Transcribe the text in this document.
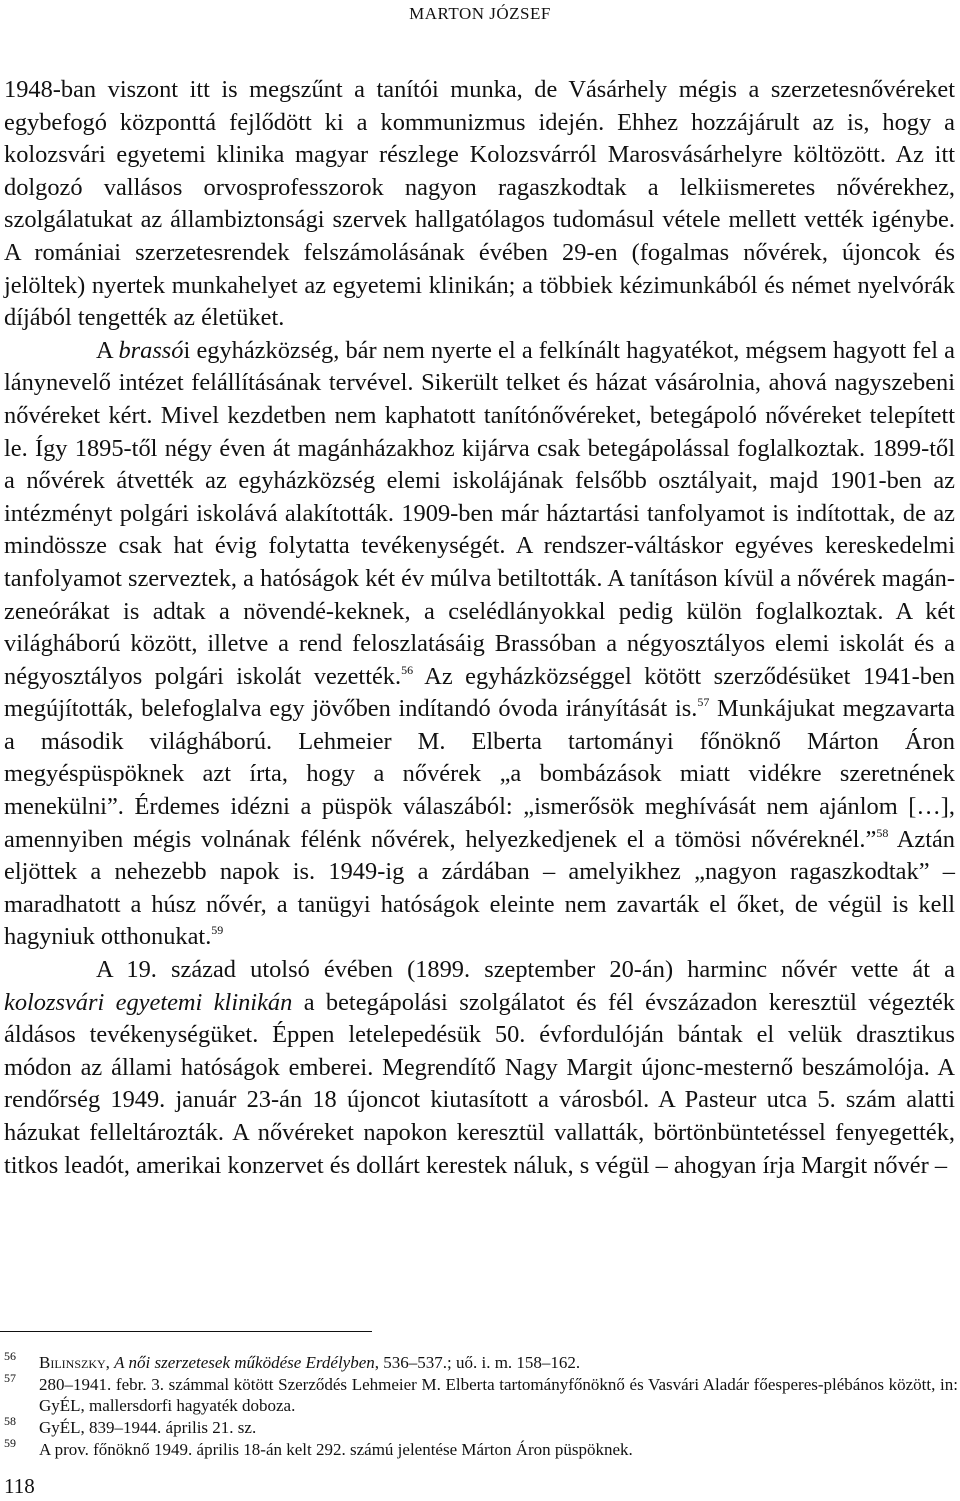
MARTON JÓZSEF

1948-ban viszont itt is megszűnt a tanítói munka, de Vásárhely mégis a szerzetesnővéreket egybefogó központtá fejlődött ki a kommunizmus idején. Ehhez hozzájárult az is, hogy a kolozsvári egyetemi klinika magyar részlege Kolozsvárról Marosvásárhelyre költözött. Az itt dolgozó vallásos orvosprofesszorok nagyon ragaszkodtak a lelkiismeretes nővérekhez, szolgálatukat az állambiztonsági szervek hallgatólagos tudomásul vétele mellett vették igénybe. A romániai szerzetesrendek felszámolásának évében 29-en (fogalmas nővérek, újoncok és jelöltek) nyertek munkahelyet az egyetemi klinikán; a többiek kézimunkából és német nyelvórák díjából tengették az életüket.

A brassói egyházközség, bár nem nyerte el a felkínált hagyatékot, mégsem hagyott fel a lánynevelő intézet felállításának tervével. Sikerült telket és házat vásárolnia, ahová nagyszebeni nővéreket kért. Mivel kezdetben nem kaphatott tanítónővéreket, betegápoló nővéreket telepített le. Így 1895-től négy éven át magánházakhoz kijárva csak betegápolással foglalkoztak. 1899-től a nővérek átvették az egyházközség elemi iskolájának felsőbb osztályait, majd 1901-ben az intézményt polgári iskolává alakították. 1909-ben már háztartási tanfolyamot is indítottak, de az mindössze csak hat évig folytatta tevékenységét. A rendszer-váltáskor egyéves kereskedelmi tanfolyamot szerveztek, a hatóságok két év múlva betiltották. A tanításon kívül a nővérek magán-zeneórákat is adtak a növendé-keknek, a cselédlányokkal pedig külön foglalkoztak. A két világháború között, illetve a rend feloszlatásáig Brassóban a négyosztályos elemi iskolát és a négyosztályos polgári iskolát vezették.$^{56}$ Az egyházközséggel kötött szerződésüket 1941-ben megújították, belefoglalva egy jövőben indítandó óvoda irányítását is.$^{57}$ Munkájukat megzavarta a második világháború. Lehmeier M. Elberta tartományi főnöknő Márton Áron megyéspüspöknek azt írta, hogy a nővérek „a bombázások miatt vidékre szeretnének menekülni”. Érdemes idézni a püspök válaszából: „ismerősök meghívását nem ajánlom […], amennyiben mégis volnának félénk nővérek, helyezkedjenek el a tömösi nővéreknél.”$^{58}$ Aztán eljöttek a nehezebb napok is. 1949-ig a zárdában – amelyikhez „nagyon ragaszkodtak” – maradhatott a húsz nővér, a tanügyi hatóságok eleinte nem zavarták el őket, de végül is kell hagyniuk otthonukat.$^{59}$

A 19. század utolsó évében (1899. szeptember 20-án) harminc nővér vette át a kolozsvári egyetemi klinikán a betegápolási szolgálatot és fél évszázadon keresztül végezték áldásos tevékenységüket. Éppen letelepedésük 50. évfordulóján bántak el velük drasztikus módon az állami hatóságok emberei. Megrendítő Nagy Margit újonc-mesternő beszámolója. A rendőrség 1949. január 23-án 18 újoncot kiutasított a városból. A Pasteur utca 5. szám alatti házukat felleltározták. A nővéreket napokon keresztül vallatták, börtönbüntetéssel fenyegették, titkos leadót, amerikai konzervet és dollárt kerestek náluk, s végül – ahogyan írja Margit nővér –

56 Bilinszky, A női szerzetesek működése Erdélyben, 536–537.; uő. i. m. 158–162.
57 280–1941. febr. 3. számmal kötött Szerződés Lehmeier M. Elberta tartományfőnöknő és Vasvári Aladár főesperes-plébános között, in: GyÉL, mallersdorfi hagyaték doboza.
58 GyÉL, 839–1944. április 21. sz.
59 A prov. főnöknő 1949. április 18-án kelt 292. számú jelentése Márton Áron püspöknek.
118
